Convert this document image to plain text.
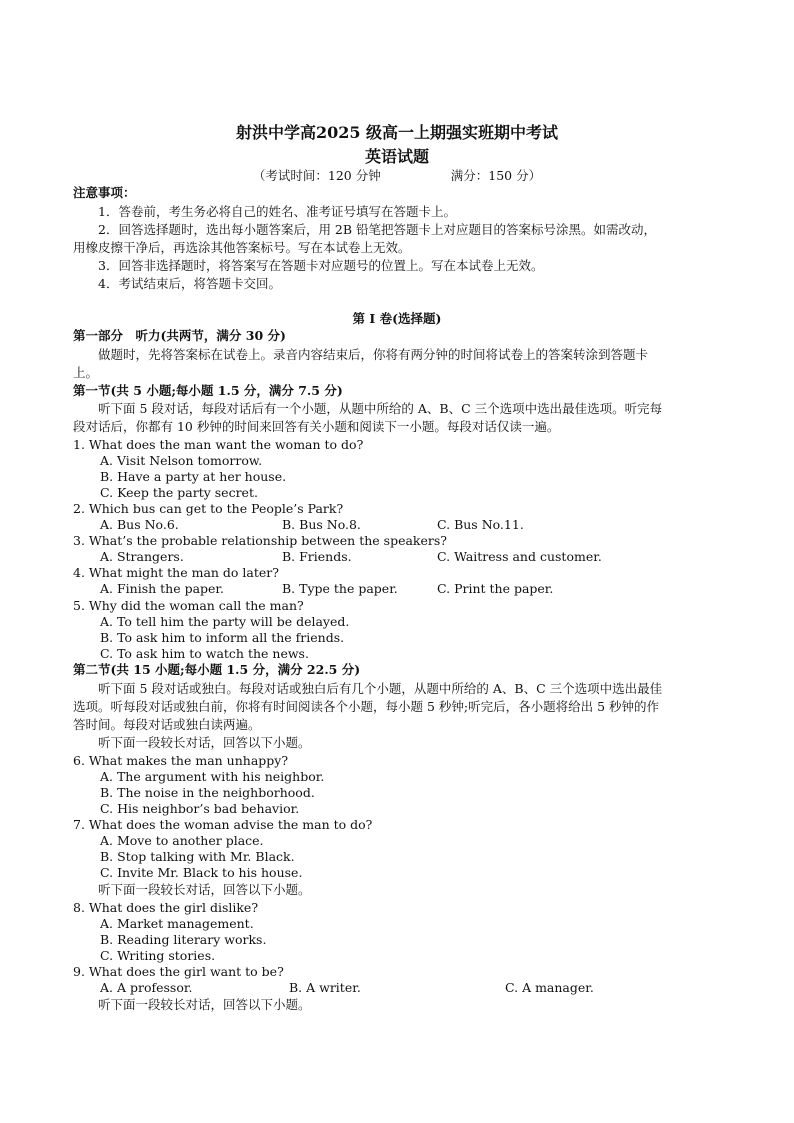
射洪中学高2025 级高一上期强实班期中考试
英语试题
（考试时间：120 分钟	满分：150 分）
注意事项：
1．答卷前，考生务必将自己的姓名、准考证号填写在答题卡上。
2．回答选择题时，选出每小题答案后，用 2B 铅笔把答题卡上对应题目的答案标号涂黑。如需改动，
用橡皮擦干净后，再选涂其他答案标号。写在本试卷上无效。
3．回答非选择题时，将答案写在答题卡对应题号的位置上。写在本试卷上无效。
4．考试结束后，将答题卡交回。
第 I 卷(选择题)
第一部分　听力(共两节，满分 30 分)
做题时，先将答案标在试卷上。录音内容结束后，你将有两分钟的时间将试卷上的答案转涂到答题卡
上。
第一节(共 5 小题;每小题 1.5 分，满分 7.5 分)
听下面 5 段对话，每段对话后有一个小题，从题中所给的 A、B、C 三个选项中选出最佳选项。听完每
段对话后，你都有 10 秒钟的时间来回答有关小题和阅读下一小题。每段对话仅读一遍。
1. What does the man want the woman to do?
A. Visit Nelson tomorrow.
B. Have a party at her house.
C. Keep the party secret.
2. Which bus can get to the People’s Park?
A. Bus No.6.	B. Bus No.8.	C. Bus No.11.
3. What’s the probable relationship between the speakers?
A. Strangers.	B. Friends.	C. Waitress and customer.
4. What might the man do later?
A. Finish the paper.	B. Type the paper.	C. Print the paper.
5. Why did the woman call the man?
A. To tell him the party will be delayed.
B. To ask him to inform all the friends.
C. To ask him to watch the news.
第二节(共 15 小题;每小题 1.5 分，满分 22.5 分)
听下面 5 段对话或独白。每段对话或独白后有几个小题，从题中所给的 A、B、C 三个选项中选出最佳
选项。听每段对话或独白前，你将有时间阅读各个小题，每小题 5 秒钟;听完后，各小题将给出 5 秒钟的作
答时间。每段对话或独白读两遍。
听下面一段较长对话，回答以下小题。
6. What makes the man unhappy?
A. The argument with his neighbor.
B. The noise in the neighborhood.
C. His neighbor’s bad behavior.
7. What does the woman advise the man to do?
A. Move to another place.
B. Stop talking with Mr. Black.
C. Invite Mr. Black to his house.
听下面一段较长对话，回答以下小题。
8. What does the girl dislike?
A. Market management.
B. Reading literary works.
C. Writing stories.
9. What does the girl want to be?
A. A professor.	B. A writer.	C. A manager.
听下面一段较长对话，回答以下小题。
